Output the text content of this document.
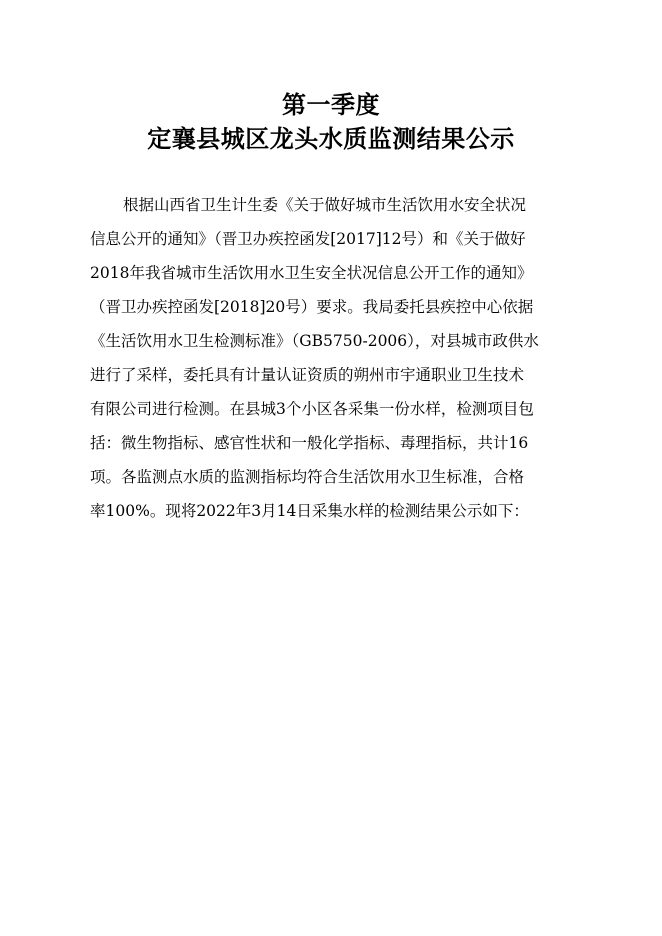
第一季度
定襄县城区龙头水质监测结果公示
根据山西省卫生计生委《关于做好城市生活饮用水安全状况
信息公开的通知》（晋卫办疾控函发[2017]12号）和《关于做好
2018年我省城市生活饮用水卫生安全状况信息公开工作的通知》
（晋卫办疾控函发[2018]20号）要求。我局委托县疾控中心依据
《生活饮用水卫生检测标准》（GB5750-2006），对县城市政供水
进行了采样，委托具有计量认证资质的朔州市宇通职业卫生技术
有限公司进行检测。在县城3个小区各采集一份水样，检测项目包
括：微生物指标、感官性状和一般化学指标、毒理指标，共计16
项。各监测点水质的监测指标均符合生活饮用水卫生标准，合格
率100%。现将2022年3月14日采集水样的检测结果公示如下：
